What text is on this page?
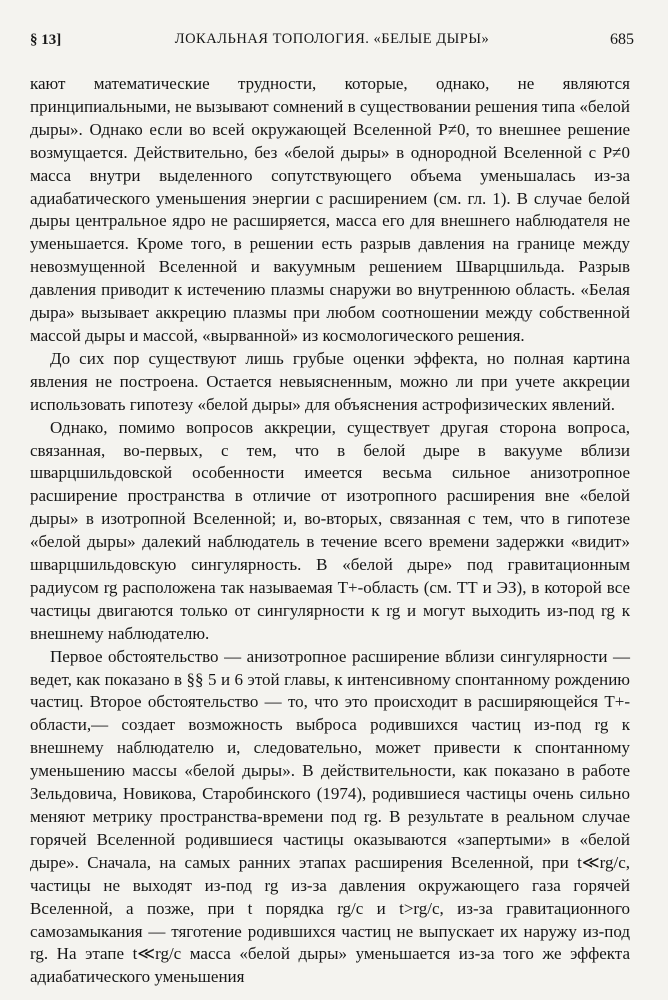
§ 13]	ЛОКАЛЬНАЯ ТОПОЛОГИЯ. «БЕЛЫЕ ДЫРЫ»	685

кают математические трудности, которые, однако, не являются принципиальными, не вызывают сомнений в существовании решения типа «белой дыры». Однако если во всей окружающей Вселенной P≠0, то внешнее решение возмущается. Действительно, без «белой дыры» в однородной Вселенной с P≠0 масса внутри выделенного сопутствующего объема уменьшалась из-за адиабатического уменьшения энергии с расширением (см. гл. 1). В случае белой дыры центральное ядро не расширяется, масса его для внешнего наблюдателя не уменьшается. Кроме того, в решении есть разрыв давления на границе между невозмущенной Вселенной и вакуумным решением Шварцшильда. Разрыв давления приводит к истечению плазмы снаружи во внутреннюю область. «Белая дыра» вызывает аккрецию плазмы при любом соотношении между собственной массой дыры и массой, «вырванной» из космологического решения.

До сих пор существуют лишь грубые оценки эффекта, но полная картина явления не построена. Остается невыясненным, можно ли при учете аккреции использовать гипотезу «белой дыры» для объяснения астрофизических явлений.

Однако, помимо вопросов аккреции, существует другая сторона вопроса, связанная, во-первых, с тем, что в белой дыре в вакууме вблизи шварцшильдовской особенности имеется весьма сильное анизотропное расширение пространства в отличие от изотропного расширения вне «белой дыры» в изотропной Вселенной; и, во-вторых, связанная с тем, что в гипотезе «белой дыры» далекий наблюдатель в течение всего времени задержки «видит» шварцшильдовскую сингулярность. В «белой дыре» под гравитационным радиусом rg расположена так называемая T+-область (см. ТТ и ЭЗ), в которой все частицы двигаются только от сингулярности к rg и могут выходить из-под rg к внешнему наблюдателю.

Первое обстоятельство — анизотропное расширение вблизи сингулярности — ведет, как показано в §§ 5 и 6 этой главы, к интенсивному спонтанному рождению частиц. Второе обстоятельство — то, что это происходит в расширяющейся T+-области,— создает возможность выброса родившихся частиц из-под rg к внешнему наблюдателю и, следовательно, может привести к спонтанному уменьшению массы «белой дыры». В действительности, как показано в работе Зельдовича, Новикова, Старобинского (1974), родившиеся частицы очень сильно меняют метрику пространства-времени под rg. В результате в реальном случае горячей Вселенной родившиеся частицы оказываются «запертыми» в «белой дыре». Сначала, на самых ранних этапах расширения Вселенной, при t≪rg/c, частицы не выходят из-под rg из-за давления окружающего газа горячей Вселенной, а позже, при t порядка rg/c и t>rg/c, из-за гравитационного самозамыкания — тяготение родившихся частиц не выпускает их наружу из-под rg. На этапе t≪rg/c масса «белой дыры» уменьшается из-за того же эффекта адиабатического уменьшения
